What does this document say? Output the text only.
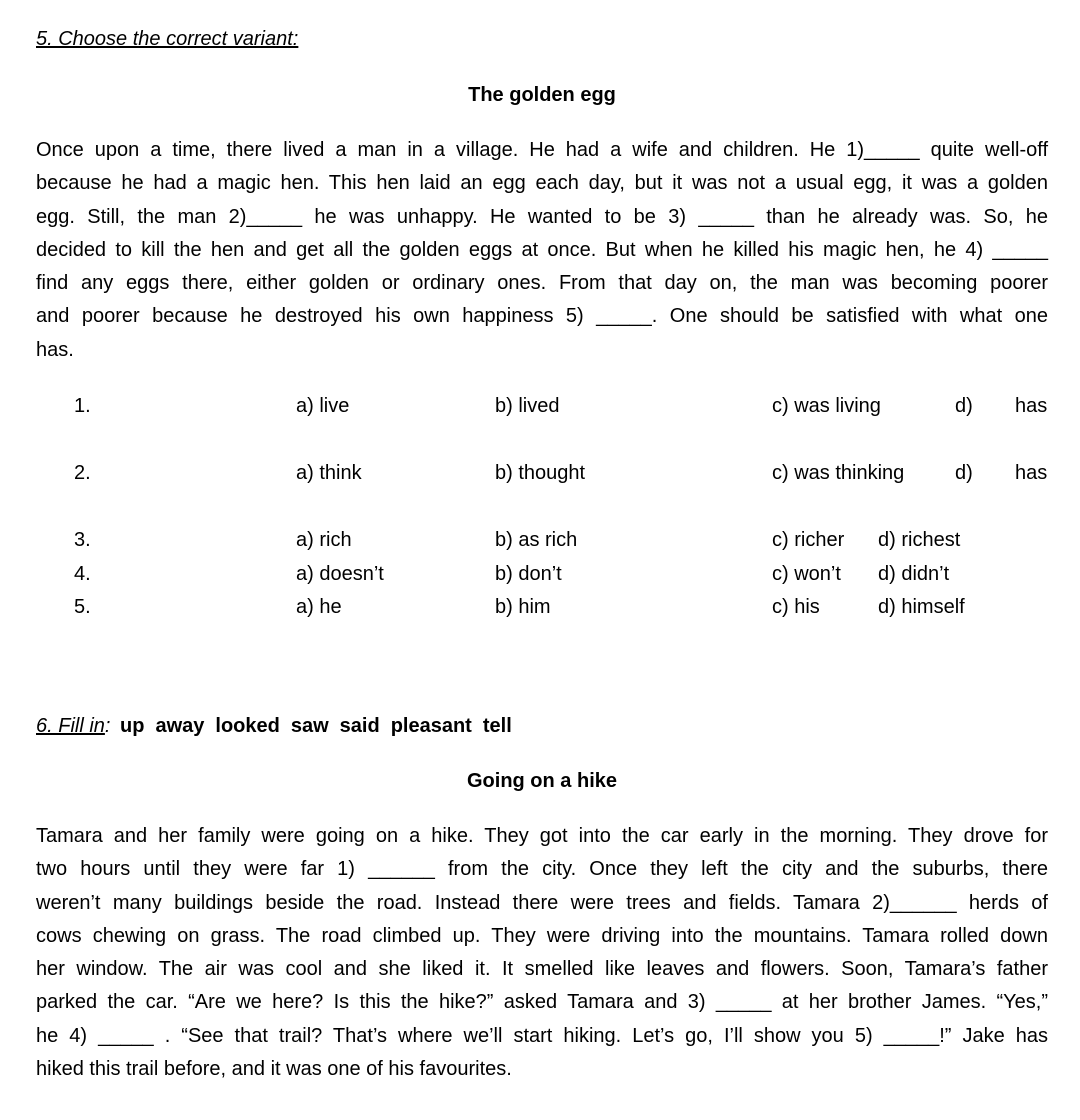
5. Choose the correct variant:
The golden egg
Once upon a time, there lived a man in a village. He had a wife and children. He 1)_____ quite well-off
because he had a magic hen. This hen laid an egg each day, but it was not a usual egg, it was a golden
egg. Still, the man 2)_____ he was unhappy. He wanted to be 3) _____ than he already was. So, he
decided to kill the hen and get all the golden eggs at once. But when he killed his magic hen, he 4) _____
find any eggs there, either golden or ordinary ones. From that day on, the man was becoming poorer
and poorer because he destroyed his own happiness 5) _____. One should be satisfied with what one
has.
1.	a) live	b) lived	c) was living	d) has
2.	a) think	b) thought	c) was thinking	d) has
3.	a) rich	b) as rich	c) richer d) richest
4.	a) doesn’t	b) don’t	c) won’t d) didn’t
5.	a) he	b) him	c) his	d) himself
6. Fill in: up away looked saw said pleasant tell
Going on a hike
Tamara and her family were going on a hike. They got into the car early in the morning. They drove for
two hours until they were far 1) ______ from the city. Once they left the city and the suburbs, there
weren’t many buildings beside the road. Instead there were trees and fields. Tamara 2)______ herds of
cows chewing on grass. The road climbed up. They were driving into the mountains. Tamara rolled down
her window. The air was cool and she liked it. It smelled like leaves and flowers. Soon, Tamara’s father
parked the car. “Are we here? Is this the hike?” asked Tamara and 3) _____ at her brother James. “Yes,”
he 4) _____ . “See that trail? That’s where we’ll start hiking. Let’s go, I’ll show you 5) _____!” Jake has
hiked this trail before, and it was one of his favourites.
